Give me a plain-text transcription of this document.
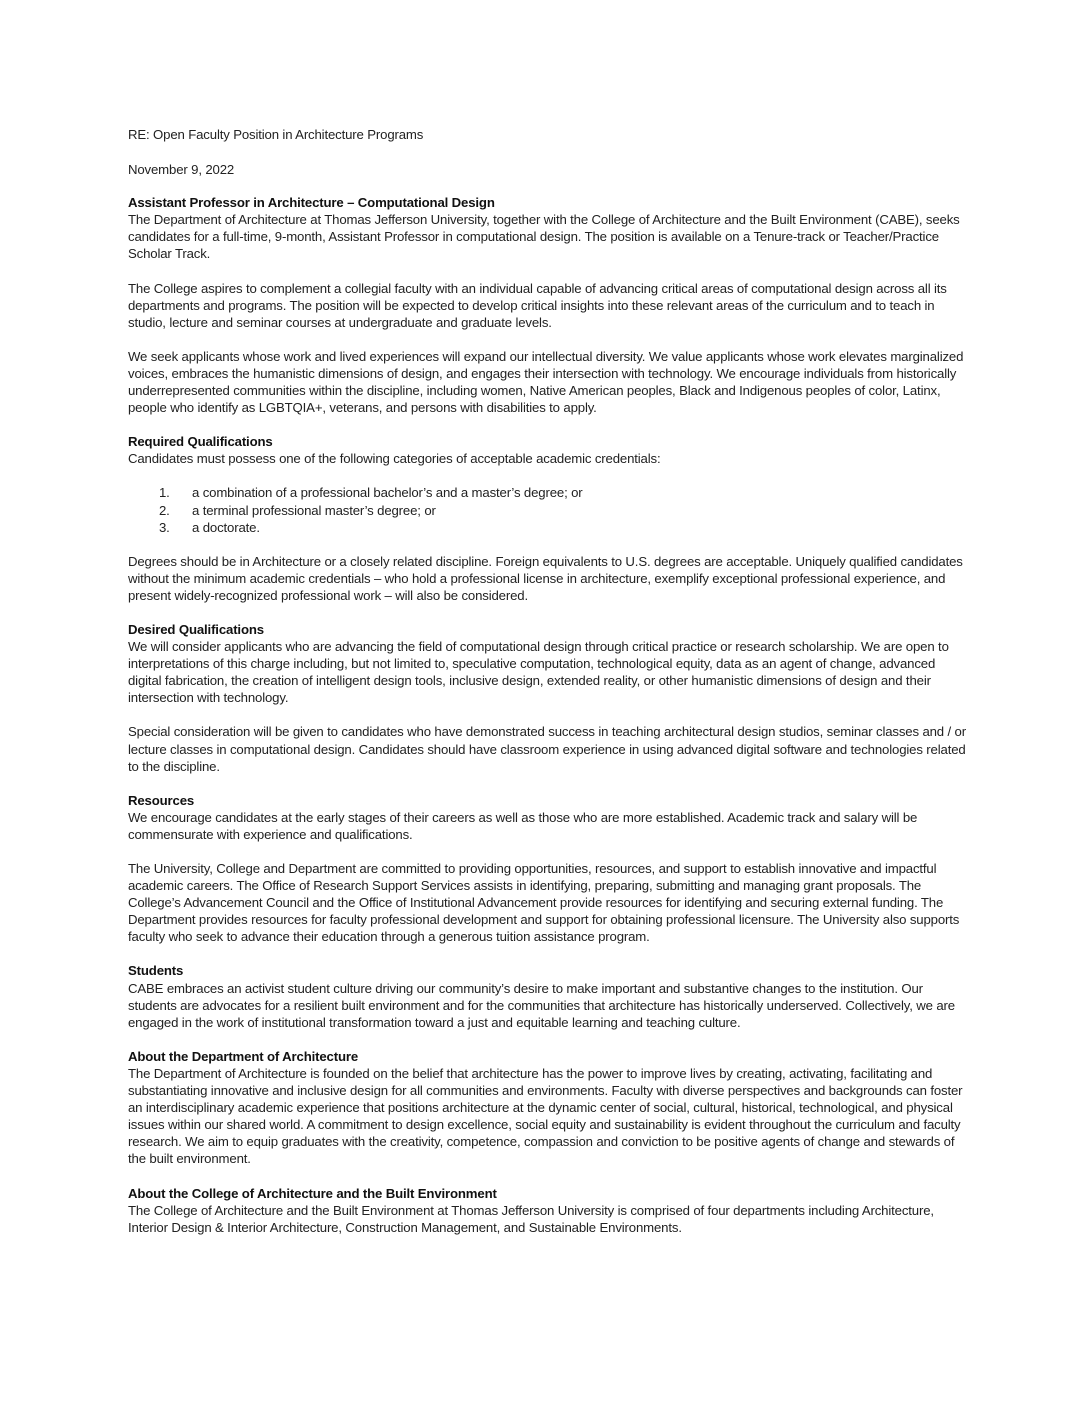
RE: Open Faculty Position in Architecture Programs
November 9, 2022
Assistant Professor in Architecture – Computational Design

The Department of Architecture at Thomas Jefferson University, together with the College of Architecture and the Built Environment (CABE), seeks candidates for a full-time, 9-month, Assistant Professor in computational design. The position is available on a Tenure-track or Teacher/Practice Scholar Track.

The College aspires to complement a collegial faculty with an individual capable of advancing critical areas of computational design across all its departments and programs. The position will be expected to develop critical insights into these relevant areas of the curriculum and to teach in studio, lecture and seminar courses at undergraduate and graduate levels.

We seek applicants whose work and lived experiences will expand our intellectual diversity. We value applicants whose work elevates marginalized voices, embraces the humanistic dimensions of design, and engages their intersection with technology. We encourage individuals from historically underrepresented communities within the discipline, including women, Native American peoples, Black and Indigenous peoples of color, Latinx, people who identify as LGBTQIA+, veterans, and persons with disabilities to apply.

Required Qualifications

Candidates must possess one of the following categories of acceptable academic credentials:

1. a combination of a professional bachelor’s and a master’s degree; or
2. a terminal professional master’s degree; or
3. a doctorate.

Degrees should be in Architecture or a closely related discipline. Foreign equivalents to U.S. degrees are acceptable. Uniquely qualified candidates without the minimum academic credentials – who hold a professional license in architecture, exemplify exceptional professional experience, and present widely-recognized professional work – will also be considered.

Desired Qualifications

We will consider applicants who are advancing the field of computational design through critical practice or research scholarship. We are open to interpretations of this charge including, but not limited to, speculative computation, technological equity, data as an agent of change, advanced digital fabrication, the creation of intelligent design tools, inclusive design, extended reality, or other humanistic dimensions of design and their intersection with technology.

Special consideration will be given to candidates who have demonstrated success in teaching architectural design studios, seminar classes and / or lecture classes in computational design. Candidates should have classroom experience in using advanced digital software and technologies related to the discipline.

Resources

We encourage candidates at the early stages of their careers as well as those who are more established. Academic track and salary will be commensurate with experience and qualifications.

The University, College and Department are committed to providing opportunities, resources, and support to establish innovative and impactful academic careers. The Office of Research Support Services assists in identifying, preparing, submitting and managing grant proposals. The College’s Advancement Council and the Office of Institutional Advancement provide resources for identifying and securing external funding. The Department provides resources for faculty professional development and support for obtaining professional licensure. The University also supports faculty who seek to advance their education through a generous tuition assistance program.

Students

CABE embraces an activist student culture driving our community’s desire to make important and substantive changes to the institution. Our students are advocates for a resilient built environment and for the communities that architecture has historically underserved. Collectively, we are engaged in the work of institutional transformation toward a just and equitable learning and teaching culture.

About the Department of Architecture

The Department of Architecture is founded on the belief that architecture has the power to improve lives by creating, activating, facilitating and substantiating innovative and inclusive design for all communities and environments. Faculty with diverse perspectives and backgrounds can foster an interdisciplinary academic experience that positions architecture at the dynamic center of social, cultural, historical, technological, and physical issues within our shared world. A commitment to design excellence, social equity and sustainability is evident throughout the curriculum and faculty research. We aim to equip graduates with the creativity, competence, compassion and conviction to be positive agents of change and stewards of the built environment.

About the College of Architecture and the Built Environment

The College of Architecture and the Built Environment at Thomas Jefferson University is comprised of four departments including Architecture, Interior Design & Interior Architecture, Construction Management, and Sustainable Environments.
